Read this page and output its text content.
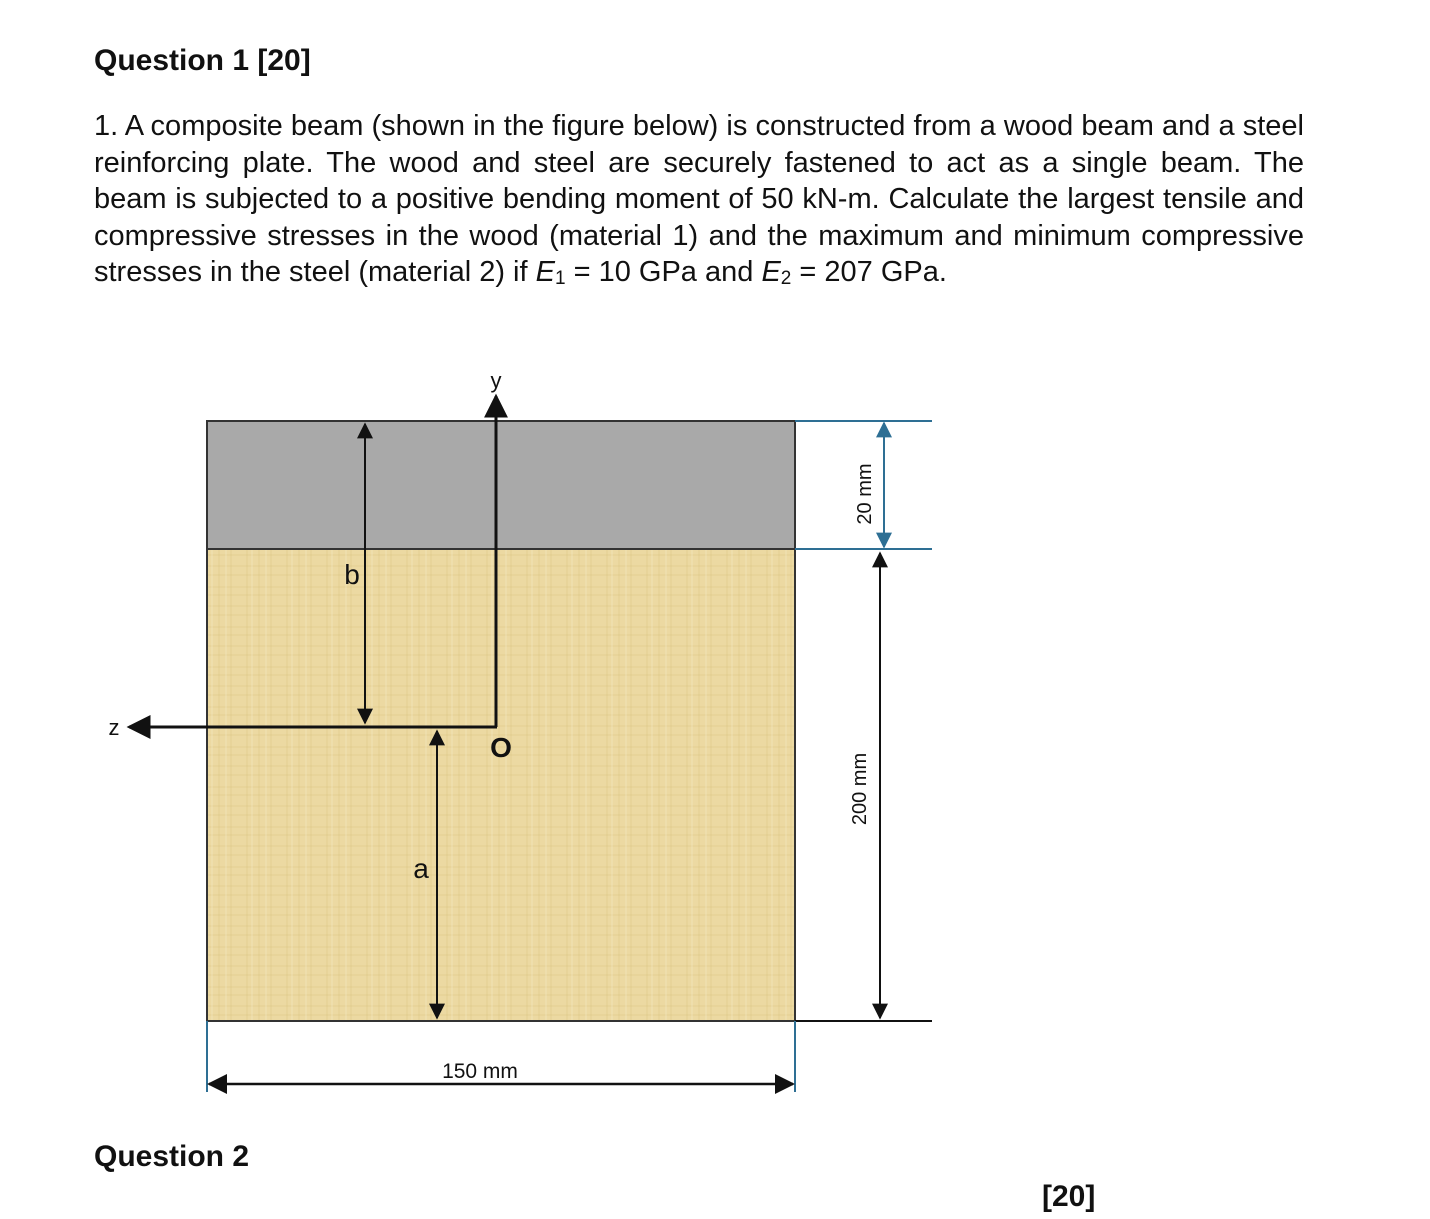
Question 1 [20]

1. A composite beam (shown in the figure below) is constructed from a wood beam and a steel reinforcing plate. The wood and steel are securely fastened to act as a single beam. The beam is subjected to a positive bending moment of 50 kN-m. Calculate the largest tensile and compressive stresses in the wood (material 1) and the maximum and minimum compressive stresses in the steel (material 2) if $E_1 = 10$ GPa and $E_2 = 207$ GPa.

y
z
O
b
a
20 mm
200 mm
150 mm
Question 2
[20]
